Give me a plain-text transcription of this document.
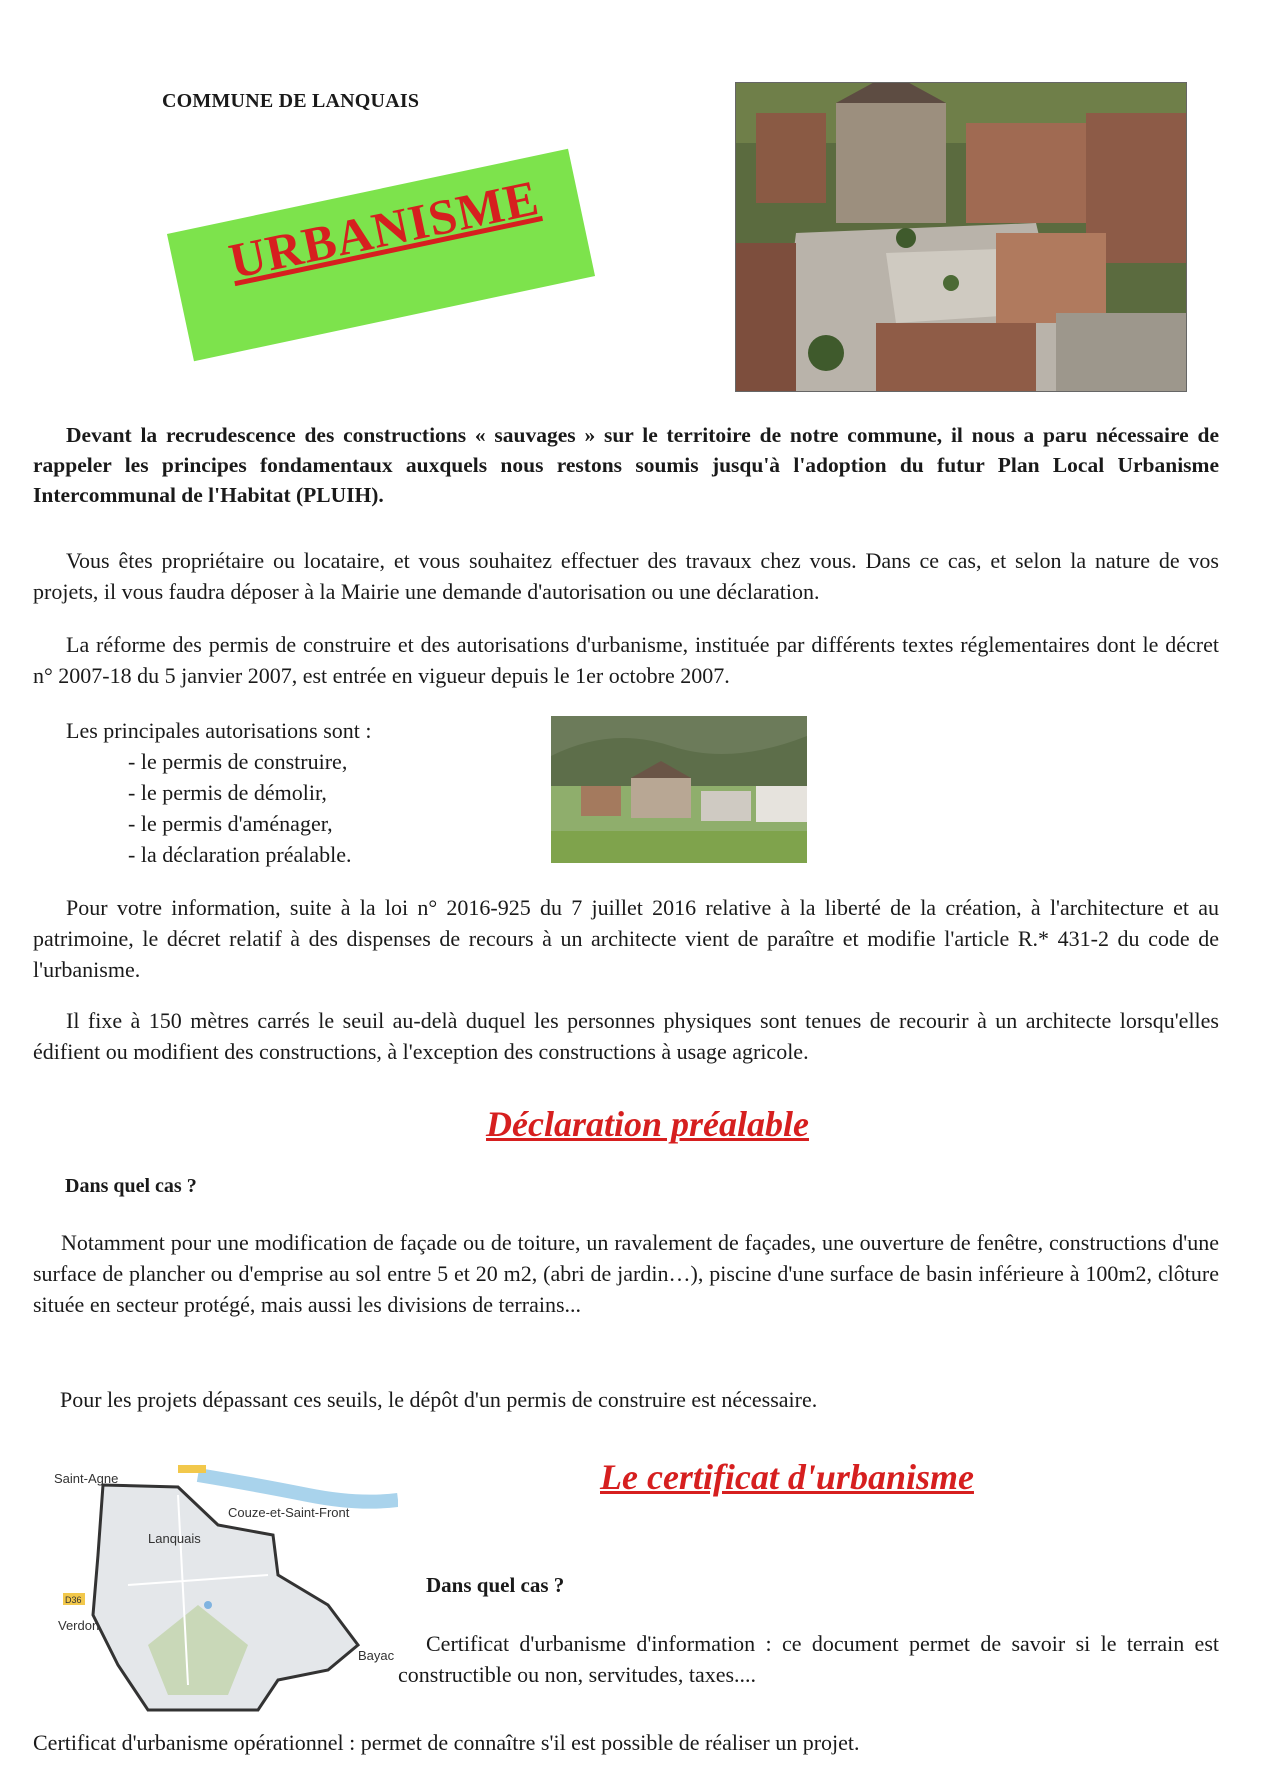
COMMUNE DE LANQUAIS
URBANISME
Devant la recrudescence des constructions « sauvages » sur le territoire de notre commune, il nous a paru nécessaire de rappeler les principes fondamentaux auxquels nous restons soumis jusqu'à l'adoption du futur Plan Local Urbanisme Intercommunal de l'Habitat (PLUIH).
Vous êtes propriétaire ou locataire, et vous souhaitez effectuer des travaux chez vous. Dans ce cas, et selon la nature de vos projets, il vous faudra déposer à la Mairie une demande d'autorisation ou une déclaration.
La réforme des permis de construire et des autorisations d'urbanisme, instituée par différents textes réglementaires dont le décret n° 2007-18 du 5 janvier 2007, est entrée en vigueur depuis le 1er octobre 2007.
Les principales autorisations sont :
- le permis de construire,
- le permis de démolir,
- le permis d'aménager,
- la déclaration préalable.
Pour votre information, suite à la loi n° 2016-925 du 7 juillet 2016 relative à la liberté de la création, à l'architecture et au patrimoine, le décret relatif à des dispenses de recours à un architecte vient de paraître et modifie l'article R.* 431-2 du code de l'urbanisme.
Il fixe à 150 mètres carrés le seuil au-delà duquel les personnes physiques sont tenues de recourir à un architecte lorsqu'elles édifient ou modifient des constructions, à l'exception des constructions à usage agricole.
Déclaration préalable
Dans quel cas ?
Notamment pour une modification de façade ou de toiture, un ravalement de façades, une ouverture de fenêtre, constructions d'une surface de plancher ou d'emprise au sol entre 5 et 20 m2, (abri de jardin…), piscine d'une surface de basin inférieure à 100m2, clôture située en secteur protégé, mais aussi les divisions de terrains...
Pour les projets dépassant ces seuils, le dépôt d'un permis de construire est nécessaire.
Saint-Agne
Couze-et-Saint-Front
Lanquais
D36
Verdon
Bayac
Le certificat d'urbanisme
Dans quel cas ?
Certificat d'urbanisme d'information : ce document permet de savoir si le terrain est constructible ou non, servitudes, taxes....
Certificat d'urbanisme opérationnel : permet de connaître s'il est possible de réaliser un projet.
